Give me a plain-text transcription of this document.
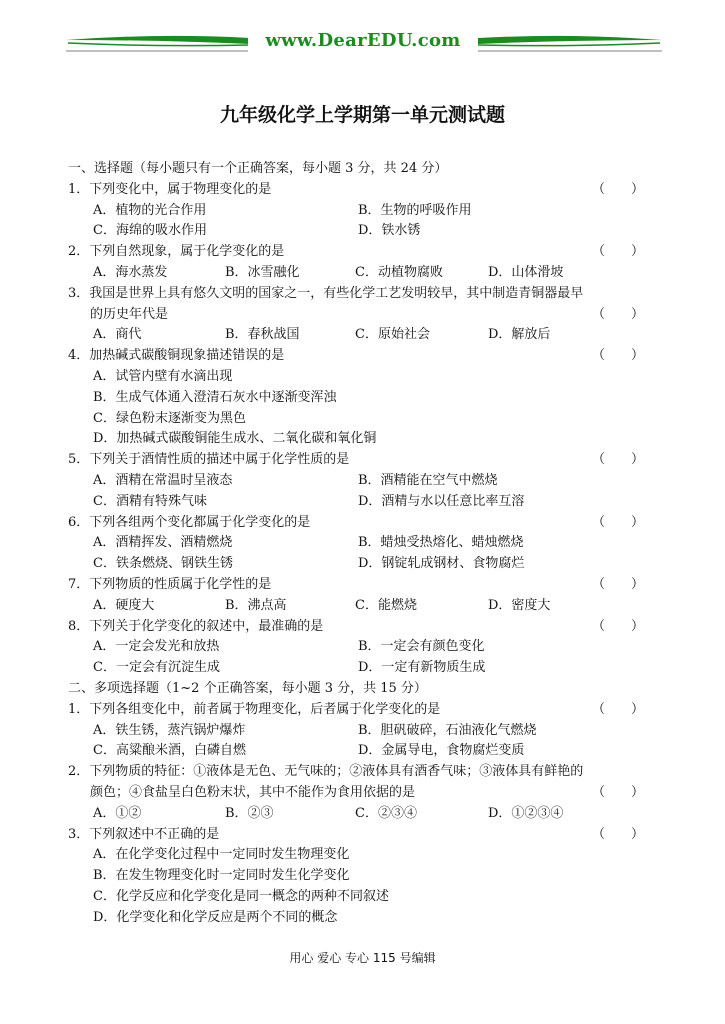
www.DearEDU.com
九年级化学上学期第一单元测试题
一、选择题（每小题只有一个正确答案，每小题 3 分，共 24 分）
1．下列变化中，属于物理变化的是	（　　）
A．植物的光合作用	B．生物的呼吸作用
C．海绵的吸水作用	D．铁水锈
2．下列自然现象，属于化学变化的是	（　　）
A．海水蒸发	B．冰雪融化	C．动植物腐败	D．山体滑坡
3．我国是世界上具有悠久文明的国家之一，有些化学工艺发明较早，其中制造青铜器最早
的历史年代是	（　　）
A．商代	B．春秋战国	C．原始社会	D．解放后
4．加热碱式碳酸铜现象描述错误的是	（　　）
A．试管内壁有水滴出现
B．生成气体通入澄清石灰水中逐渐变浑浊
C．绿色粉末逐渐变为黑色
D．加热碱式碳酸铜能生成水、二氧化碳和氧化铜
5．下列关于酒情性质的描述中属于化学性质的是	（　　）
A．酒精在常温时呈液态	B．酒精能在空气中燃烧
C．酒精有特殊气味	D．酒精与水以任意比率互溶
6．下列各组两个变化都属于化学变化的是	（　　）
A．酒精挥发、酒精燃烧	B．蜡烛受热熔化、蜡烛燃烧
C．铁条燃烧、钢铁生锈	D．钢锭轧成钢材、食物腐烂
7．下列物质的性质属于化学性的是	（　　）
A．硬度大	B．沸点高	C．能燃烧	D．密度大
8．下列关于化学变化的叙述中，最准确的是	（　　）
A．一定会发光和放热	B．一定会有颜色变化
C．一定会有沉淀生成	D．一定有新物质生成
二、多项选择题（1~2 个正确答案，每小题 3 分，共 15 分）
1．下列各组变化中，前者属于物理变化，后者属于化学变化的是	（　　）
A．铁生锈，蒸汽锅炉爆炸	B．胆矾破碎，石油液化气燃烧
C．高粱酿米酒，白磷自燃	D．金属导电，食物腐烂变质
2．下列物质的特征：①液体是无色、无气味的；②液体具有酒香气味；③液体具有鲜艳的
颜色；④食盐呈白色粉末状，其中不能作为食用依据的是	（　　）
A．①②	B．②③	C．②③④	D．①②③④
3．下列叙述中不正确的是	（　　）
A．在化学变化过程中一定同时发生物理变化
B．在发生物理变化时一定同时发生化学变化
C．化学反应和化学变化是同一概念的两种不同叙述
D．化学变化和化学反应是两个不同的概念
用心 爱心 专心 115 号编辑
